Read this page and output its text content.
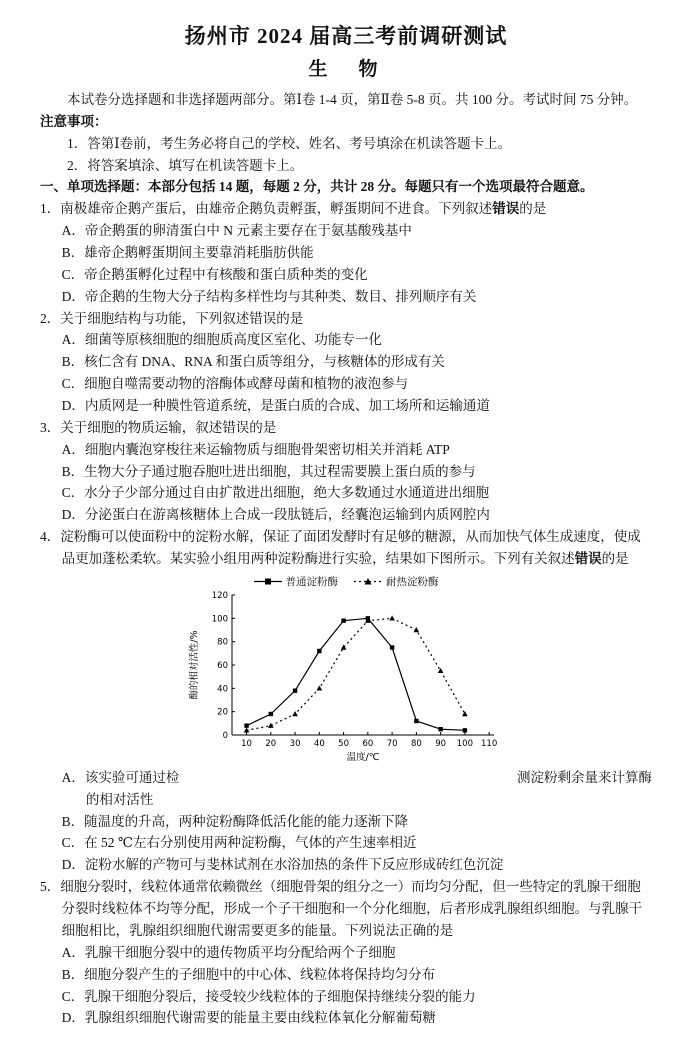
扬州市 2024 届高三考前调研测试
生　物

本试卷分选择题和非选择题两部分。第Ⅰ卷 1-4 页，第Ⅱ卷 5-8 页。共 100 分。考试时间 75 分钟。

注意事项：

1．答第Ⅰ卷前，考生务必将自己的学校、姓名、考号填涂在机读答题卡上。

2．将答案填涂、填写在机读答题卡上。

一、单项选择题：本部分包括 14 题，每题 2 分，共计 28 分。每题只有一个选项最符合题意。

1．南极雄帝企鹅产蛋后，由雄帝企鹅负责孵蛋，孵蛋期间不进食。下列叙述错误的是

A．帝企鹅蛋的卵清蛋白中 N 元素主要存在于氨基酸残基中

B．雄帝企鹅孵蛋期间主要靠消耗脂肪供能

C．帝企鹅蛋孵化过程中有核酸和蛋白质种类的变化

D．帝企鹅的生物大分子结构多样性均与其种类、数目、排列顺序有关

2．关于细胞结构与功能，下列叙述错误的是

A．细菌等原核细胞的细胞质高度区室化、功能专一化

B．核仁含有 DNA、RNA 和蛋白质等组分，与核糖体的形成有关

C．细胞自噬需要动物的溶酶体或酵母菌和植物的液泡参与

D．内质网是一种膜性管道系统，是蛋白质的合成、加工场所和运输通道

3．关于细胞的物质运输，叙述错误的是

A．细胞内囊泡穿梭往来运输物质与细胞骨架密切相关并消耗 ATP

B．生物大分子通过胞吞胞吐进出细胞，其过程需要膜上蛋白质的参与

C．水分子少部分通过自由扩散进出细胞，绝大多数通过水通道进出细胞

D．分泌蛋白在游离核糖体上合成一段肽链后，经囊泡运输到内质网腔内

4．淀粉酶可以使面粉中的淀粉水解，保证了面团发酵时有足够的糖源，从而加快气体生成速度，使成品更加蓬松柔软。某实验小组用两种淀粉酶进行实验，结果如下图所示。下列有关叙述错误的是

普通淀粉酶	耐热淀粉酶
10 20 30 40 50 60 70 80 90 100 110
0
20
40
60
80
100
120
温度/℃
酶的相对活性/%
A．该实验可通过检	测淀粉剩余量来计算酶

的相对活性

B．随温度的升高，两种淀粉酶降低活化能的能力逐渐下降

C．在 52 ℃左右分别使用两种淀粉酶，气体的产生速率相近

D．淀粉水解的产物可与斐林试剂在水浴加热的条件下反应形成砖红色沉淀

5．细胞分裂时，线粒体通常依赖微丝（细胞骨架的组分之一）而均匀分配，但一些特定的乳腺干细胞分裂时线粒体不均等分配，形成一个子干细胞和一个分化细胞，后者形成乳腺组织细胞。与乳腺干细胞相比，乳腺组织细胞代谢需要更多的能量。下列说法正确的是

A．乳腺干细胞分裂中的遗传物质平均分配给两个子细胞

B．细胞分裂产生的子细胞中的中心体、线粒体将保持均匀分布

C．乳腺干细胞分裂后，接受较少线粒体的子细胞保持继续分裂的能力

D．乳腺组织细胞代谢需要的能量主要由线粒体氧化分解葡萄糖
